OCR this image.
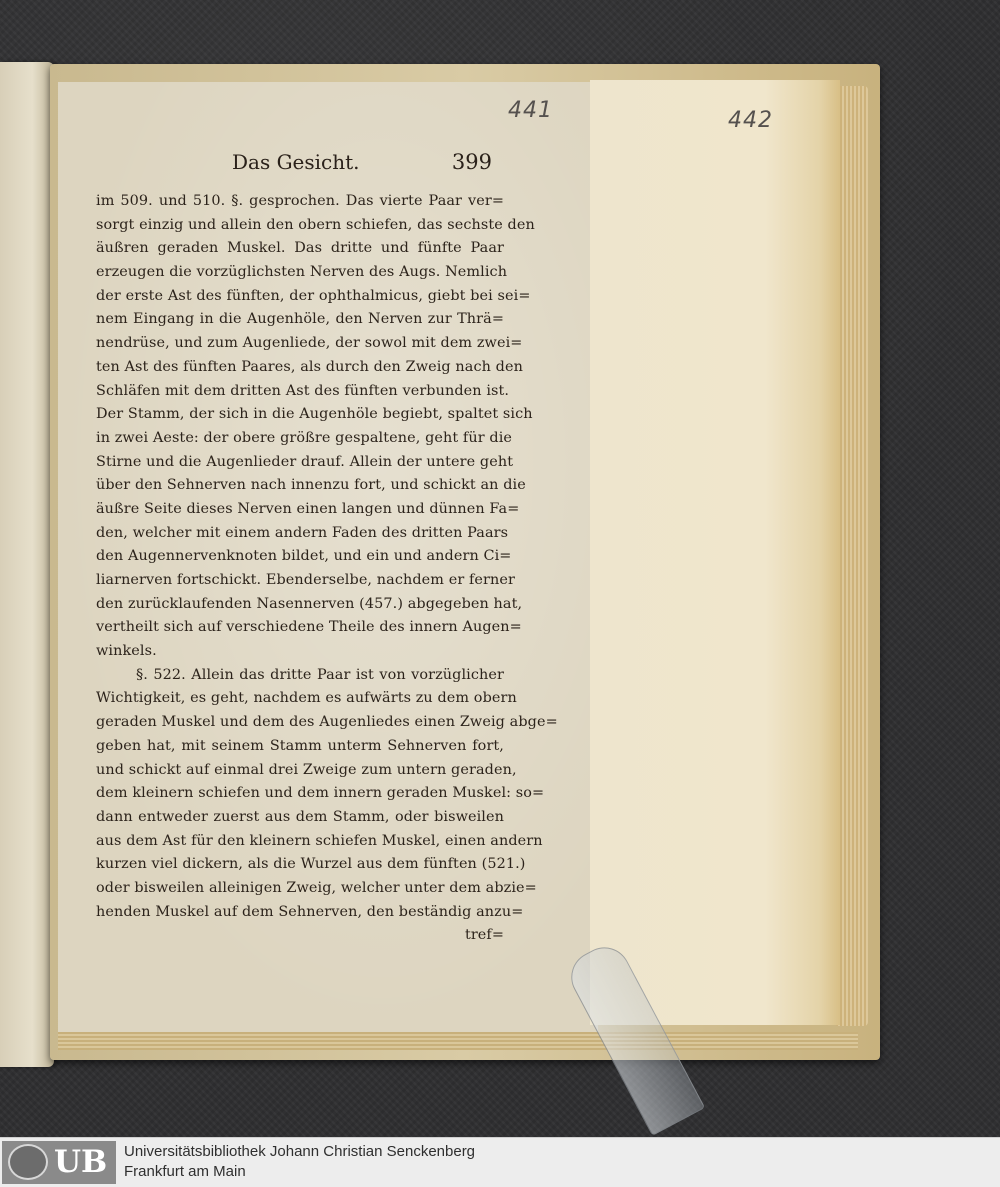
441	442
Das Gesicht.	399
im 509. und 510. §. gesprochen. Das vierte Paar ver=
sorgt einzig und allein den obern schiefen, das sechste den
äußren geraden Muskel. Das dritte und fünfte Paar
erzeugen die vorzüglichsten Nerven des Augs. Nemlich
der erste Ast des fünften, der ophthalmicus, giebt bei sei=
nem Eingang in die Augenhöle, den Nerven zur Thrä=
nendrüse, und zum Augenliede, der sowol mit dem zwei=
ten Ast des fünften Paares, als durch den Zweig nach den
Schläfen mit dem dritten Ast des fünften verbunden ist.
Der Stamm, der sich in die Augenhöle begiebt, spaltet sich
in zwei Aeste: der obere größre gespaltene, geht für die
Stirne und die Augenlieder drauf. Allein der untere geht
über den Sehnerven nach innenzu fort, und schickt an die
äußre Seite dieses Nerven einen langen und dünnen Fa=
den, welcher mit einem andern Faden des dritten Paars
den Augennervenknoten bildet, und ein und andern Ci=
liarnerven fortschickt. Ebenderselbe, nachdem er ferner
den zurücklaufenden Nasennerven (457.) abgegeben hat,
vertheilt sich auf verschiedene Theile des innern Augen=
winkels.
§. 522. Allein das dritte Paar ist von vorzüglicher
Wichtigkeit, es geht, nachdem es aufwärts zu dem obern
geraden Muskel und dem des Augenliedes einen Zweig abge=
geben hat, mit seinem Stamm unterm Sehnerven fort,
und schickt auf einmal drei Zweige zum untern geraden,
dem kleinern schiefen und dem innern geraden Muskel: so=
dann entweder zuerst aus dem Stamm, oder bisweilen
aus dem Ast für den kleinern schiefen Muskel, einen andern
kurzen viel dickern, als die Wurzel aus dem fünften (521.)
oder bisweilen alleinigen Zweig, welcher unter dem abzie=
henden Muskel auf dem Sehnerven, den beständig anzu=
tref=
UB Universitätsbibliothek Johann Christian Senckenberg
Frankfurt am Main
